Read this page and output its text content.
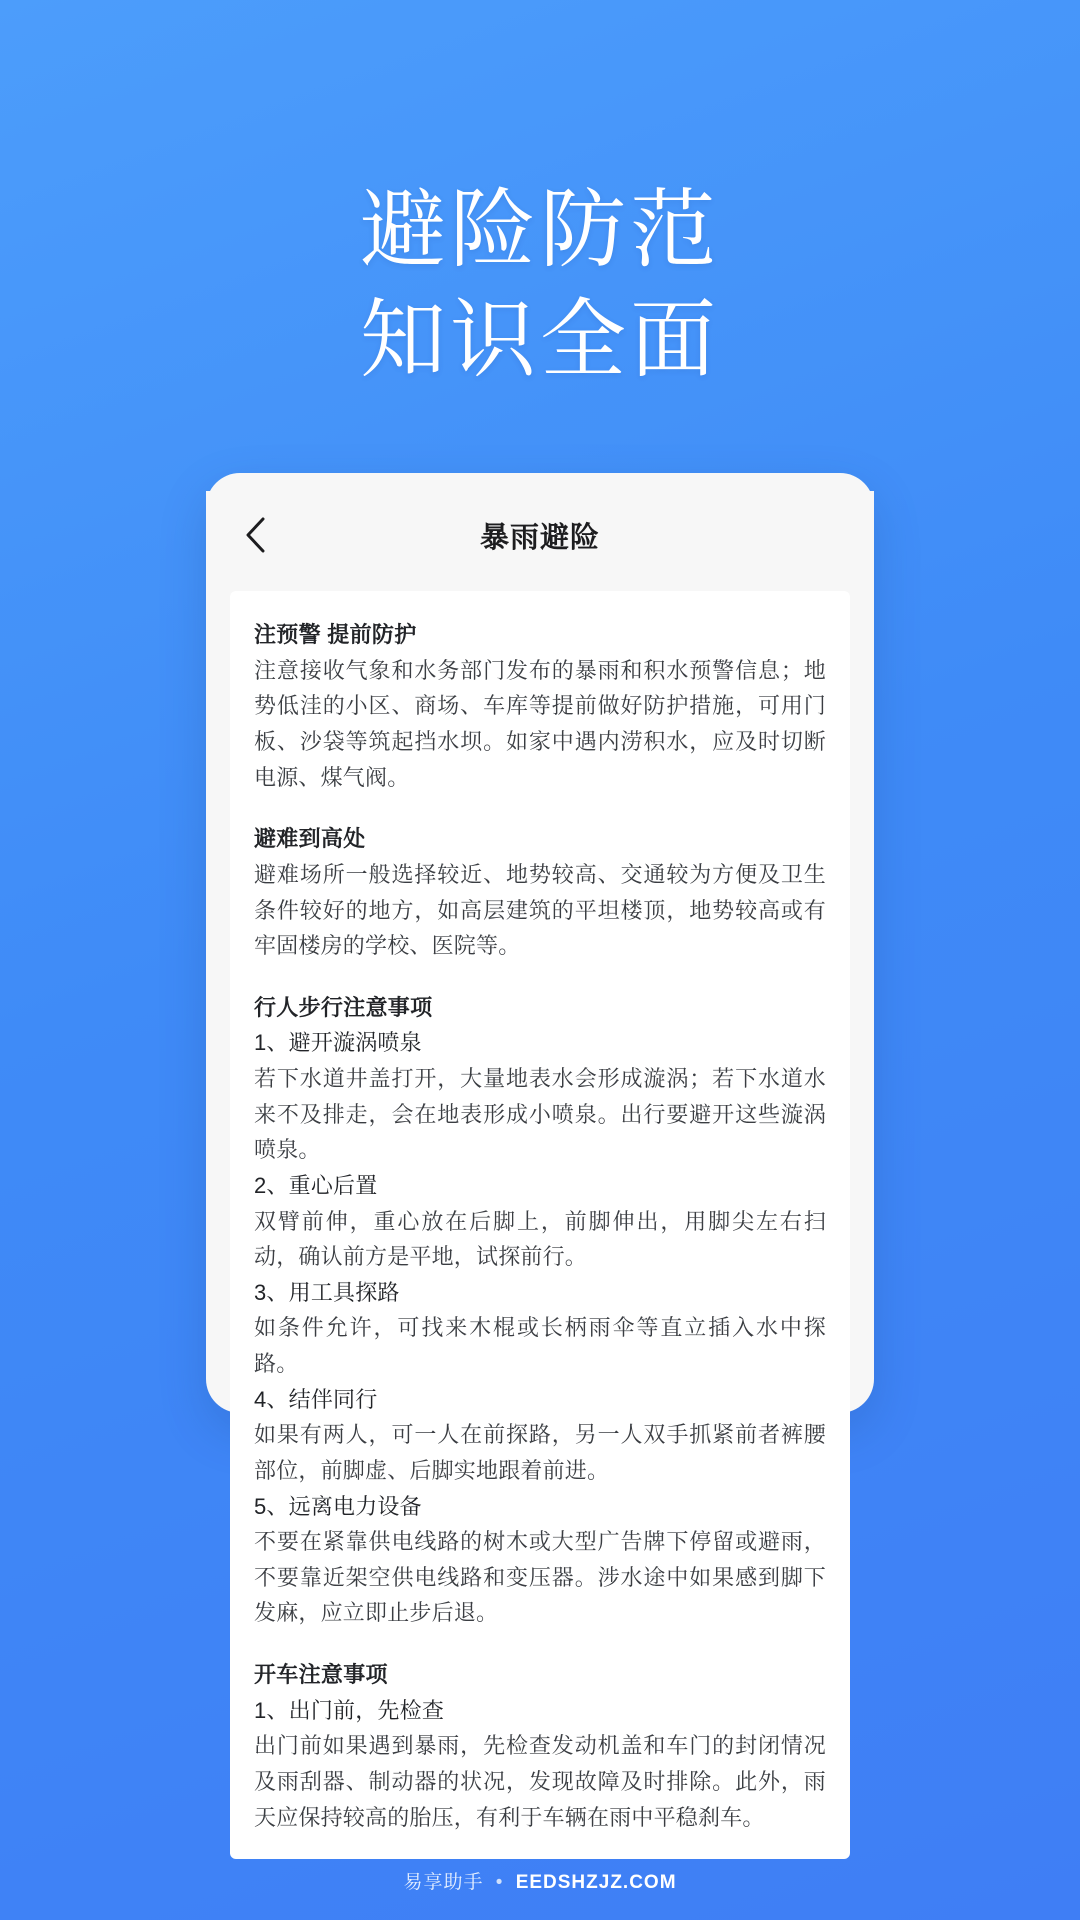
避险防范
知识全面
暴雨避险
注预警 提前防护
注意接收气象和水务部门发布的暴雨和积水预警信息；地势低洼的小区、商场、车库等提前做好防护措施，可用门板、沙袋等筑起挡水坝。如家中遇内涝积水，应及时切断电源、煤气阀。
避难到高处
避难场所一般选择较近、地势较高、交通较为方便及卫生条件较好的地方，如高层建筑的平坦楼顶，地势较高或有牢固楼房的学校、医院等。
行人步行注意事项
1、避开漩涡喷泉
若下水道井盖打开，大量地表水会形成漩涡；若下水道水来不及排走，会在地表形成小喷泉。出行要避开这些漩涡喷泉。
2、重心后置
双臂前伸，重心放在后脚上，前脚伸出，用脚尖左右扫动，确认前方是平地，试探前行。
3、用工具探路
如条件允许，可找来木棍或长柄雨伞等直立插入水中探路。
4、结伴同行
如果有两人，可一人在前探路，另一人双手抓紧前者裤腰部位，前脚虚、后脚实地跟着前进。
5、远离电力设备
不要在紧靠供电线路的树木或大型广告牌下停留或避雨，不要靠近架空供电线路和变压器。涉水途中如果感到脚下发麻，应立即止步后退。
开车注意事项
1、出门前，先检查
出门前如果遇到暴雨，先检查发动机盖和车门的封闭情况及雨刮器、制动器的状况，发现故障及时排除。此外，雨天应保持较高的胎压，有利于车辆在雨中平稳刹车。
易享助手 • EEDSHZJZ.COM
